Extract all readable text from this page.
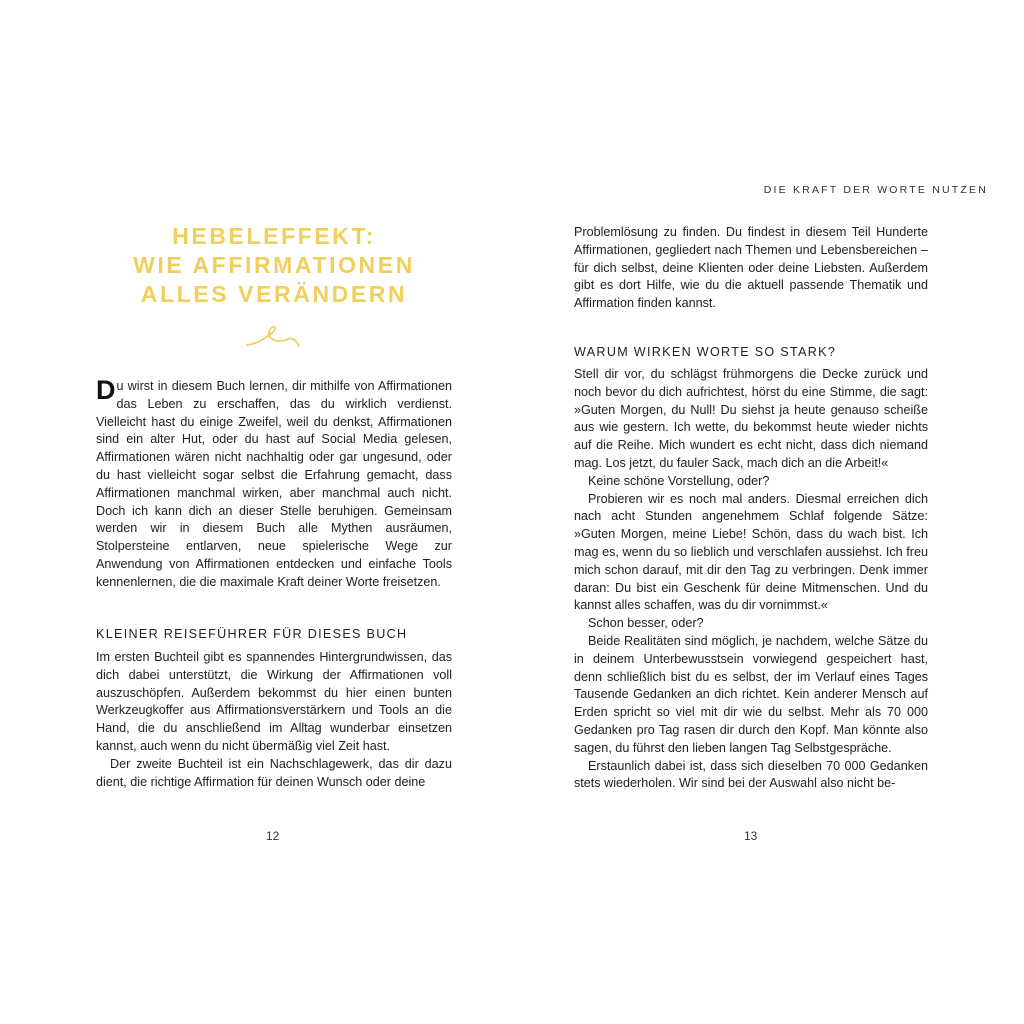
HEBELEFFEKT:
WIE AFFIRMATIONEN
ALLES VERÄNDERN

Du wirst in diesem Buch lernen, dir mithilfe von Affirmationen das Leben zu erschaffen, das du wirklich verdienst. Vielleicht hast du einige Zweifel, weil du denkst, Affirmationen sind ein alter Hut, oder du hast auf Social Media gelesen, Affirmationen wären nicht nachhaltig oder gar ungesund, oder du hast vielleicht sogar selbst die Erfahrung gemacht, dass Affirmationen manchmal wirken, aber manchmal auch nicht. Doch ich kann dich an dieser Stelle beruhigen. Gemeinsam werden wir in diesem Buch alle Mythen ausräumen, Stolpersteine entlarven, neue spielerische Wege zur Anwendung von Affirmationen entdecken und einfache Tools kennenlernen, die die maximale Kraft deiner Worte freisetzen.

KLEINER REISEFÜHRER FÜR DIESES BUCH

Im ersten Buchteil gibt es spannendes Hintergrundwissen, das dich dabei unterstützt, die Wirkung der Affirmationen voll auszuschöpfen. Außerdem bekommst du hier einen bunten Werkzeugkoffer aus Affirmationsverstärkern und Tools an die Hand, die du anschließend im Alltag wunderbar einsetzen kannst, auch wenn du nicht übermäßig viel Zeit hast.

Der zweite Buchteil ist ein Nachschlagewerk, das dir dazu dient, die richtige Affirmation für deinen Wunsch oder deine

12
DIE KRAFT DER WORTE NUTZEN

Problemlösung zu finden. Du findest in diesem Teil Hunderte Affirmationen, gegliedert nach Themen und Lebensbereichen – für dich selbst, deine Klienten oder deine Liebsten. Außerdem gibt es dort Hilfe, wie du die aktuell passende Thematik und Affirmation finden kannst.

WARUM WIRKEN WORTE SO STARK?

Stell dir vor, du schlägst frühmorgens die Decke zurück und noch bevor du dich aufrichtest, hörst du eine Stimme, die sagt: »Guten Morgen, du Null! Du siehst ja heute genauso scheiße aus wie gestern. Ich wette, du bekommst heute wieder nichts auf die Reihe. Mich wundert es echt nicht, dass dich niemand mag. Los jetzt, du fauler Sack, mach dich an die Arbeit!«

Keine schöne Vorstellung, oder?

Probieren wir es noch mal anders. Diesmal erreichen dich nach acht Stunden angenehmem Schlaf folgende Sätze: »Guten Morgen, meine Liebe! Schön, dass du wach bist. Ich mag es, wenn du so lieblich und verschlafen aussiehst. Ich freu mich schon darauf, mit dir den Tag zu verbringen. Denk immer daran: Du bist ein Geschenk für deine Mitmenschen. Und du kannst alles schaffen, was du dir vornimmst.«

Schon besser, oder?

Beide Realitäten sind möglich, je nachdem, welche Sätze du in deinem Unterbewusstsein vorwiegend gespeichert hast, denn schließlich bist du es selbst, der im Verlauf eines Tages Tausende Gedanken an dich richtet. Kein anderer Mensch auf Erden spricht so viel mit dir wie du selbst. Mehr als 70 000 Gedanken pro Tag rasen dir durch den Kopf. Man könnte also sagen, du führst den lieben langen Tag Selbstgespräche.

Erstaunlich dabei ist, dass sich dieselben 70 000 Gedanken stets wiederholen. Wir sind bei der Auswahl also nicht be-

13
